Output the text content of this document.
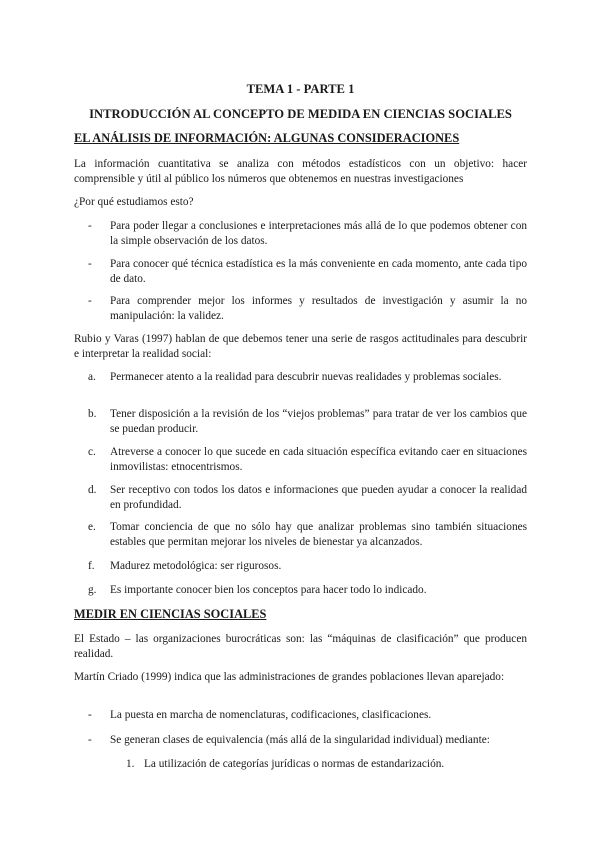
TEMA 1 - PARTE 1
INTRODUCCIÓN AL CONCEPTO DE MEDIDA EN CIENCIAS SOCIALES
EL ANÁLISIS DE INFORMACIÓN: ALGUNAS CONSIDERACIONES

La información cuantitativa se analiza con métodos estadísticos con un objetivo: hacer comprensible y útil al público los números que obtenemos en nuestras investigaciones

¿Por qué estudiamos esto?

-	Para poder llegar a conclusiones e interpretaciones más allá de lo que podemos obtener con la simple observación de los datos.
-	Para conocer qué técnica estadística es la más conveniente en cada momento, ante cada tipo de dato.
-	Para comprender mejor los informes y resultados de investigación y asumir la no manipulación: la validez.

Rubio y Varas (1997) hablan de que debemos tener una serie de rasgos actitudinales para descubrir e interpretar la realidad social:

a.	Permanecer atento a la realidad para descubrir nuevas realidades y problemas sociales.
b.	Tener disposición a la revisión de los “viejos problemas” para tratar de ver los cambios que se puedan producir.
c.	Atreverse a conocer lo que sucede en cada situación específica evitando caer en situaciones inmovilistas: etnocentrismos.
d.	Ser receptivo con todos los datos e informaciones que pueden ayudar a conocer la realidad en profundidad.
e.	Tomar conciencia de que no sólo hay que analizar problemas sino también situaciones estables que permitan mejorar los niveles de bienestar ya alcanzados.
f.	Madurez metodológica: ser rigurosos.
g.	Es importante conocer bien los conceptos para hacer todo lo indicado.
MEDIR EN CIENCIAS SOCIALES

El Estado – las organizaciones burocráticas son: las “máquinas de clasificación” que producen realidad.

Martín Criado (1999) indica que las administraciones de grandes poblaciones llevan aparejado:

-	La puesta en marcha de nomenclaturas, codificaciones, clasificaciones.
-	Se generan clases de equivalencia (más allá de la singularidad individual) mediante:
1. La utilización de categorías jurídicas o normas de estandarización.
